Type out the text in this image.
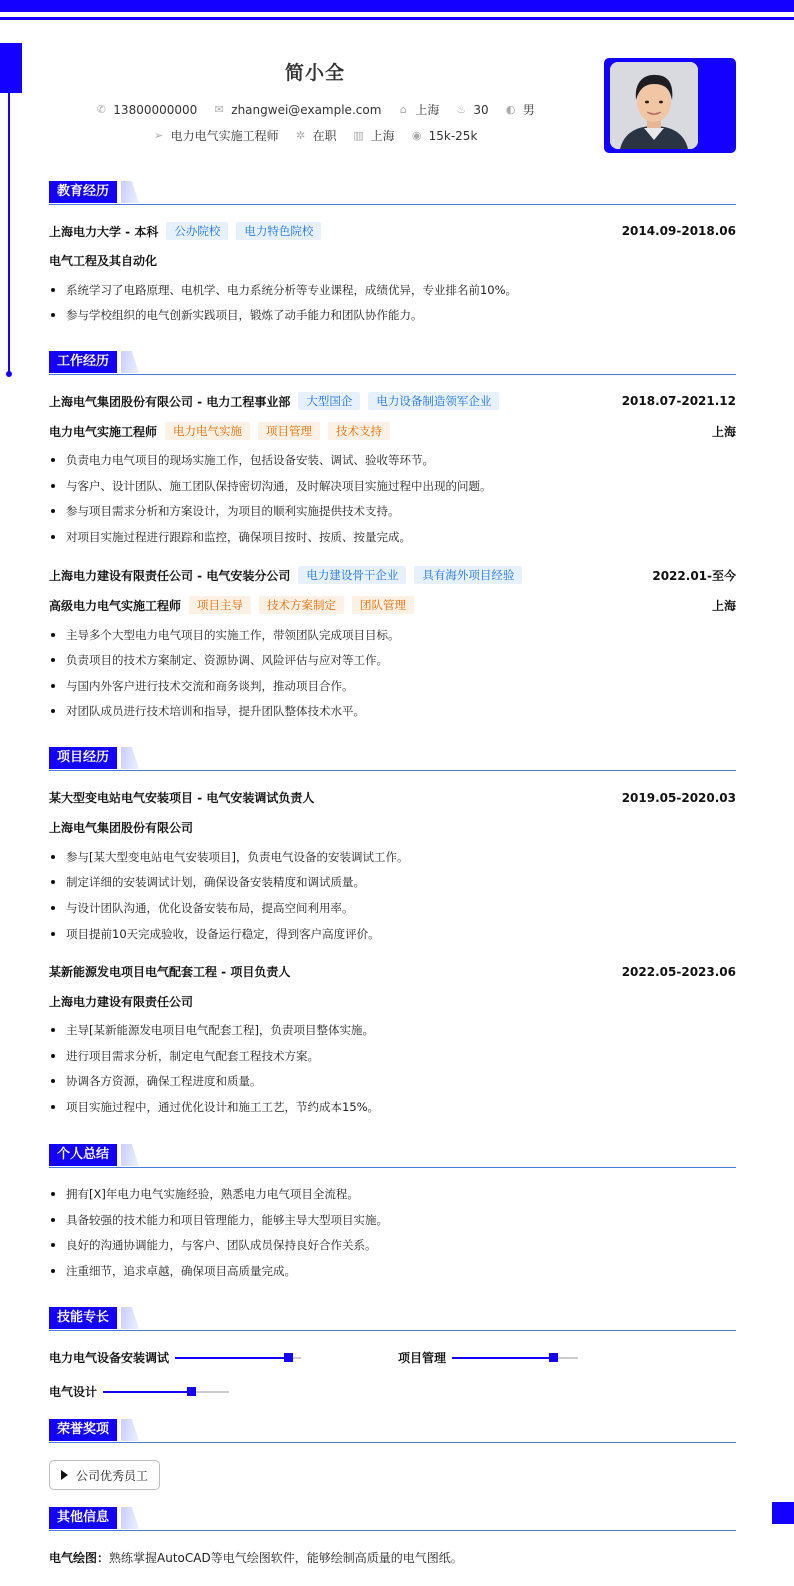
简小全
✆ 13800000000 ✉ zhangwei@example.com ⌂ 上海 ♨ 30 ◐ 男
➢ 电力电气实施工程师 ✲ 在职 ▥ 上海 ◉ 15k-25k
教育经历
上海电力大学 - 本科	公办院校	电力特色院校	2014.09-2018.06
电气工程及其自动化
系统学习了电路原理、电机学、电力系统分析等专业课程，成绩优异，专业排名前10%。
参与学校组织的电气创新实践项目，锻炼了动手能力和团队协作能力。
工作经历
上海电气集团股份有限公司 - 电力工程事业部	大型国企	电力设备制造领军企业	2018.07-2021.12
电力电气实施工程师	电力电气实施	项目管理	技术支持	上海
负责电力电气项目的现场实施工作，包括设备安装、调试、验收等环节。
与客户、设计团队、施工团队保持密切沟通，及时解决项目实施过程中出现的问题。
参与项目需求分析和方案设计，为项目的顺利实施提供技术支持。
对项目实施过程进行跟踪和监控，确保项目按时、按质、按量完成。
上海电力建设有限责任公司 - 电气安装分公司	电力建设骨干企业	具有海外项目经验	2022.01-至今
高级电力电气实施工程师	项目主导	技术方案制定	团队管理	上海
主导多个大型电力电气项目的实施工作，带领团队完成项目目标。
负责项目的技术方案制定、资源协调、风险评估与应对等工作。
与国内外客户进行技术交流和商务谈判，推动项目合作。
对团队成员进行技术培训和指导，提升团队整体技术水平。
项目经历
某大型变电站电气安装项目 - 电气安装调试负责人	2019.05-2020.03
上海电气集团股份有限公司
参与[某大型变电站电气安装项目]，负责电气设备的安装调试工作。
制定详细的安装调试计划，确保设备安装精度和调试质量。
与设计团队沟通，优化设备安装布局，提高空间利用率。
项目提前10天完成验收，设备运行稳定，得到客户高度评价。
某新能源发电项目电气配套工程 - 项目负责人	2022.05-2023.06
上海电力建设有限责任公司
主导[某新能源发电项目电气配套工程]，负责项目整体实施。
进行项目需求分析，制定电气配套工程技术方案。
协调各方资源，确保工程进度和质量。
项目实施过程中，通过优化设计和施工工艺，节约成本15%。
个人总结
拥有[X]年电力电气实施经验，熟悉电力电气项目全流程。
具备较强的技术能力和项目管理能力，能够主导大型项目实施。
良好的沟通协调能力，与客户、团队成员保持良好合作关系。
注重细节，追求卓越，确保项目高质量完成。
技能专长
电力电气设备安装调试	项目管理
电气设计
荣誉奖项
公司优秀员工
其他信息
电气绘图：熟练掌握AutoCAD等电气绘图软件，能够绘制高质量的电气图纸。
